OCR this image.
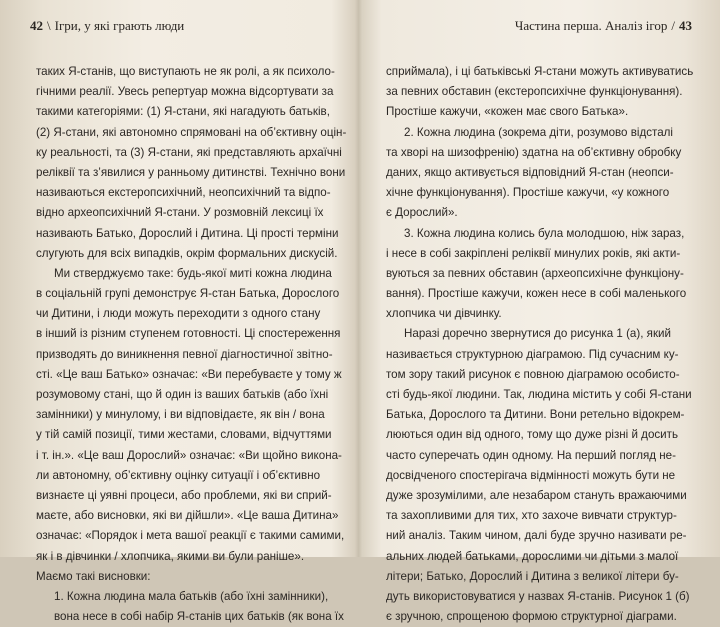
42 \ Ігри, у які грають люди
таких Я-станів, що виступають не як ролі, а як психоло-
гічними реалії. Увесь репертуар можна відсортувати за
такими категоріями: (1) Я-стани, які нагадують батьків,
(2) Я-стани, які автономно спрямовані на об’єктивну оцін-
ку реальності, та (3) Я-стани, які представляють архаїчні
реліквії та з’явилися у ранньому дитинстві. Технічно вони
називаються екстеропсихічний, неопсихічний та відпо-
відно археопсихічний Я-стани. У розмовній лексиці їх
називають Батько, Дорослий і Дитина. Ці прості терміни
слугують для всіх випадків, окрім формальних дискусій.
Ми стверджуємо таке: будь-якої миті кожна людина
в соціальній групі демонструє Я-стан Батька, Дорослого
чи Дитини, і люди можуть переходити з одного стану
в інший із різним ступенем готовності. Ці спостереження
призводять до виникнення певної діагностичної звітно-
сті. «Це ваш Батько» означає: «Ви перебуваєте у тому ж
розумовому стані, що й один із ваших батьків (або їхні
замінники) у минулому, і ви відповідаєте, як він / вона
у тій самій позиції, тими жестами, словами, відчуттями
і т. ін.». «Це ваш Дорослий» означає: «Ви щойно викона-
ли автономну, об’єктивну оцінку ситуації і об’єктивно
визнаєте ці уявні процеси, або проблеми, які ви сприй-
маєте, або висновки, які ви дійшли». «Це ваша Дитина»
означає: «Порядок і мета вашої реакції є такими самими,
як і в дівчинки / хлопчика, якими ви були раніше».
Маємо такі висновки:
1. Кожна людина мала батьків (або їхні замінники),
вона несе в собі набір Я-станів цих батьків (як вона їх
Частина перша. Аналіз ігор / 43
сприймала), і ці батьківські Я-стани можуть активуватись
за певних обставин (екстеропсихічне функціонування).
Простіше кажучи, «кожен має свого Батька».
2. Кожна людина (зокрема діти, розумово відсталі
та хворі на шизофренію) здатна на об’єктивну обробку
даних, якщо активується відповідний Я-стан (неопси-
хічне функціонування). Простіше кажучи, «у кожного
є Дорослий».
3. Кожна людина колись була молодшою, ніж зараз,
і несе в собі закріплені реліквії минулих років, які акти-
вуються за певних обставин (археопсихічне функціону-
вання). Простіше кажучи, кожен несе в собі маленького
хлопчика чи дівчинку.
Наразі доречно звернутися до рисунка 1 (а), який
називається структурною діаграмою. Під сучасним ку-
том зору такий рисунок є повною діаграмою особисто-
сті будь-якої людини. Так, людина містить у собі Я-стани
Батька, Дорослого та Дитини. Вони ретельно відокрем-
люються один від одного, тому що дуже різні й досить
часто суперечать один одному. На перший погляд не-
досвідченого спостерігача відмінності можуть бути не
дуже зрозумілими, але незабаром стануть вражаючими
та захопливими для тих, хто захоче вивчати структур-
ний аналіз. Таким чином, далі буде зручно називати ре-
альних людей батьками, дорослими чи дітьми з малої
літери; Батько, Дорослий і Дитина з великої літери бу-
дуть використовуватися у назвах Я-станів. Рисунок 1 (б)
є зручною, спрощеною формою структурної діаграми.
